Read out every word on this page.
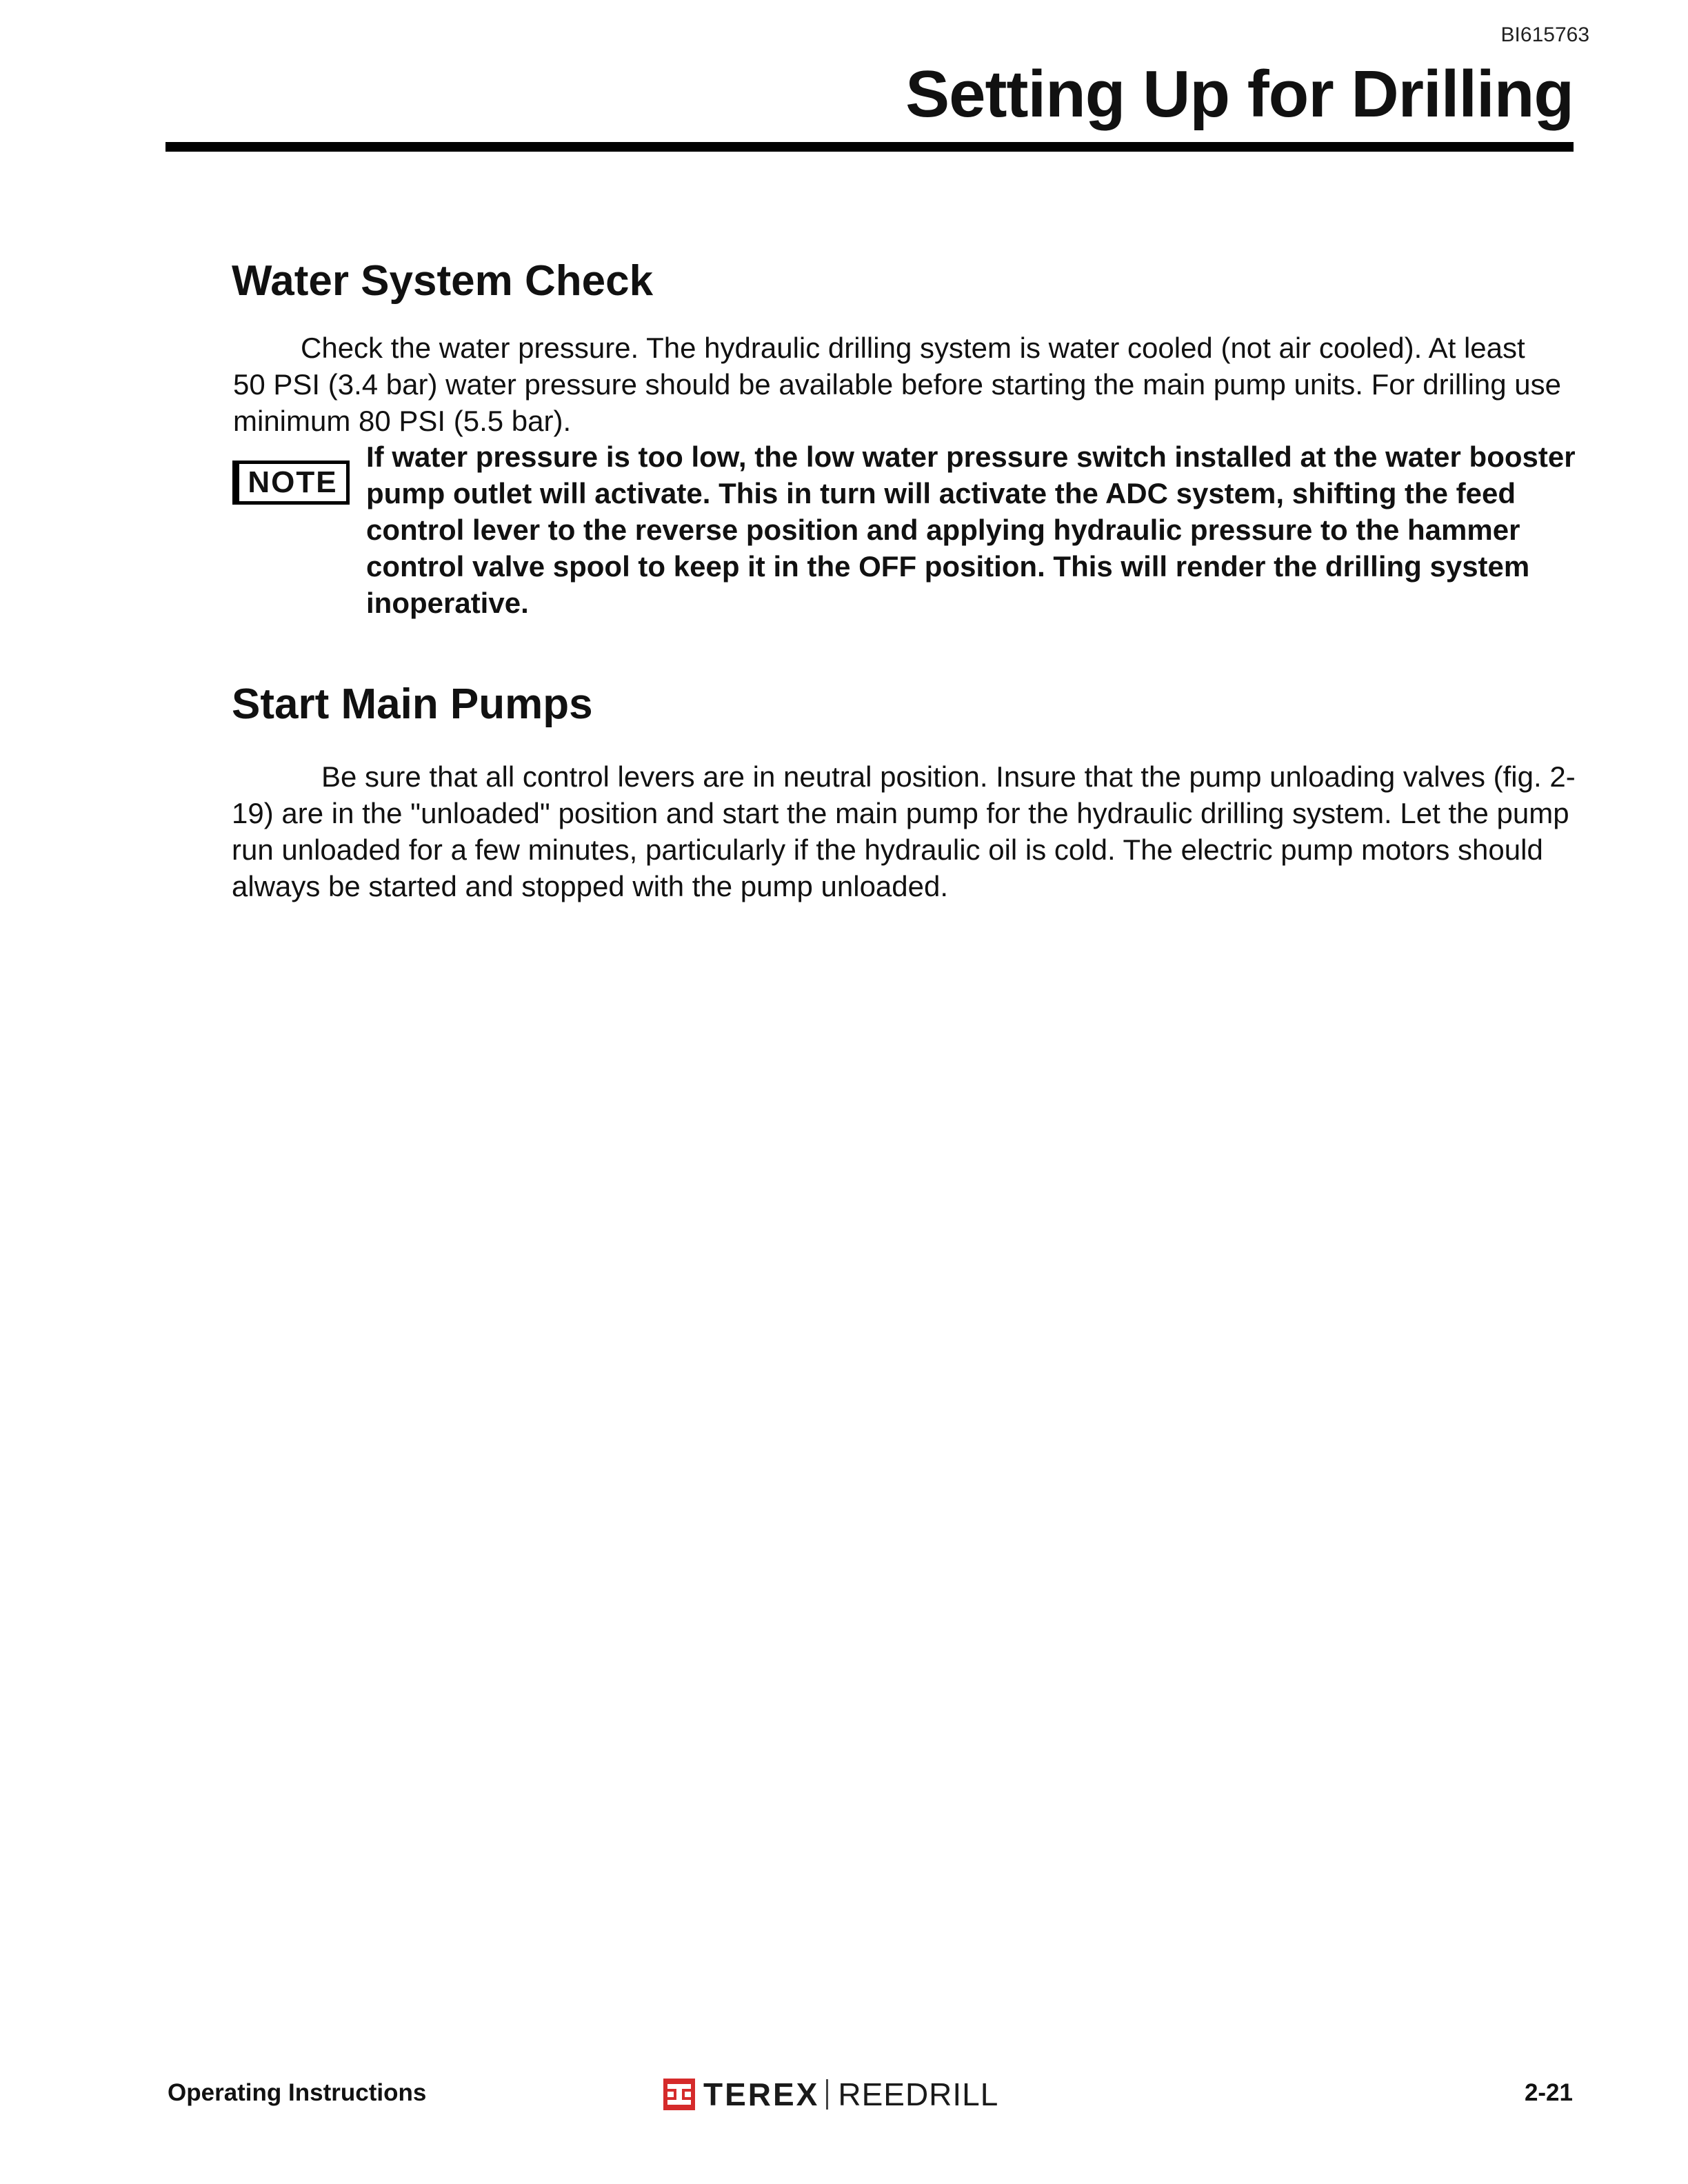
BI615763
Setting Up for Drilling
Water System Check

Check the water pressure. The hydraulic drilling system is water cooled (not air cooled). At least 50 PSI (3.4 bar) water pressure should be available before starting the main pump units. For drilling use minimum 80 PSI (5.5 bar).

NOTE

If water pressure is too low, the low water pressure switch installed at the water booster pump outlet will activate. This in turn will activate the ADC system, shifting the feed control lever to the reverse position and applying hydraulic pressure to the hammer control valve spool to keep it in the OFF position. This will render the drilling system inoperative.

Start Main Pumps

Be sure that all control levers are in neutral position. Insure that the pump unloading valves (fig. 2-19) are in the "unloaded" position and start the main pump for the hydraulic drilling system. Let the pump run unloaded for a few minutes, particularly if the hydraulic oil is cold. The electric pump motors should always be started and stopped with the pump unloaded.

Operating Instructions	TEREX REEDRILL	2-21
